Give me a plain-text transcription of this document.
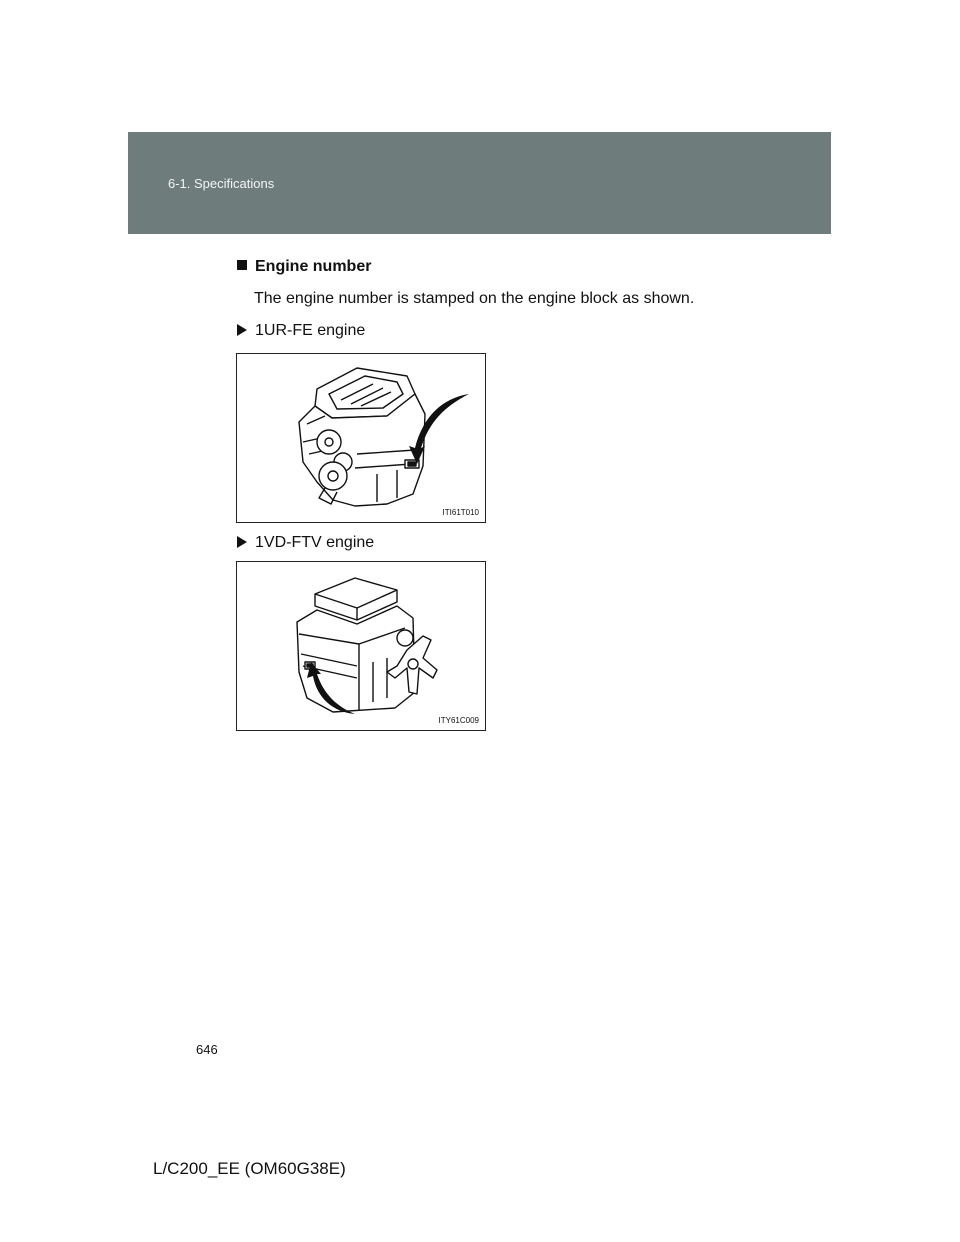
6-1. Specifications
Engine number
The engine number is stamped on the engine block as shown.
1UR-FE engine
ITI61T010
1VD-FTV engine
ITY61C009
646
L/C200_EE (OM60G38E)
